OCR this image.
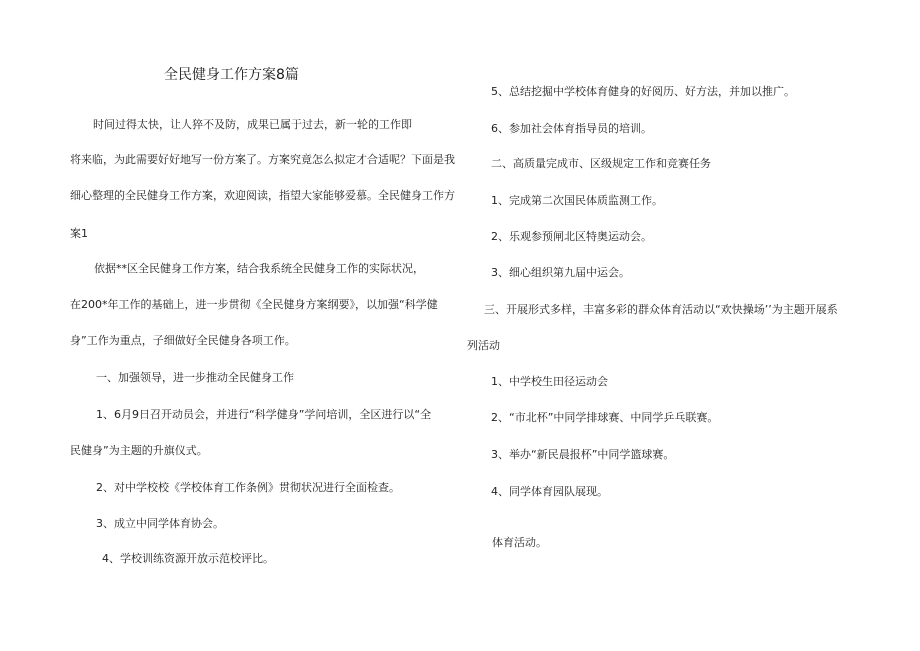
全民健身工作方案8篇
时间过得太快，让人猝不及防，成果已属于过去，新一轮的工作即
将来临，为此需要好好地写一份方案了。方案究竟怎么拟定才合适呢？下面是我
细心整理的全民健身工作方案，欢迎阅读，指望大家能够爱慕。全民健身工作方
案1
依据**区全民健身工作方案，结合我系统全民健身工作的实际状况，
在200*年工作的基础上，进一步贯彻《全民健身方案纲要》，以加强“科学健
身”工作为重点，子细做好全民健身各项工作。
一、加强领导，进一步推动全民健身工作
1、6月9日召开动员会，并进行“科学健身”学问培训，全区进行以“全
民健身”为主题的升旗仪式。
2、对中学校校《学校体育工作条例》贯彻状况进行全面检查。
3、成立中同学体育协会。
4、学校训练资源开放示范校评比。
5、总结挖掘中学校体育健身的好阅历、好方法，并加以推广。
6、参加社会体育指导员的培训。
二、高质量完成市、区级规定工作和竞赛任务
1、完成第二次国民体质监测工作。
2、乐观参预闸北区特奥运动会。
3、细心组织第九届中运会。
三、开展形式多样，丰富多彩的群众体育活动以“欢快操场’’为主题开展系
列活动
1、中学校生田径运动会
2、“市北杯”中同学排球赛、中同学乒乓联赛。
3、举办“新民晨报杯”中同学篮球赛。
4、同学体育园队展现。
体育活动。
